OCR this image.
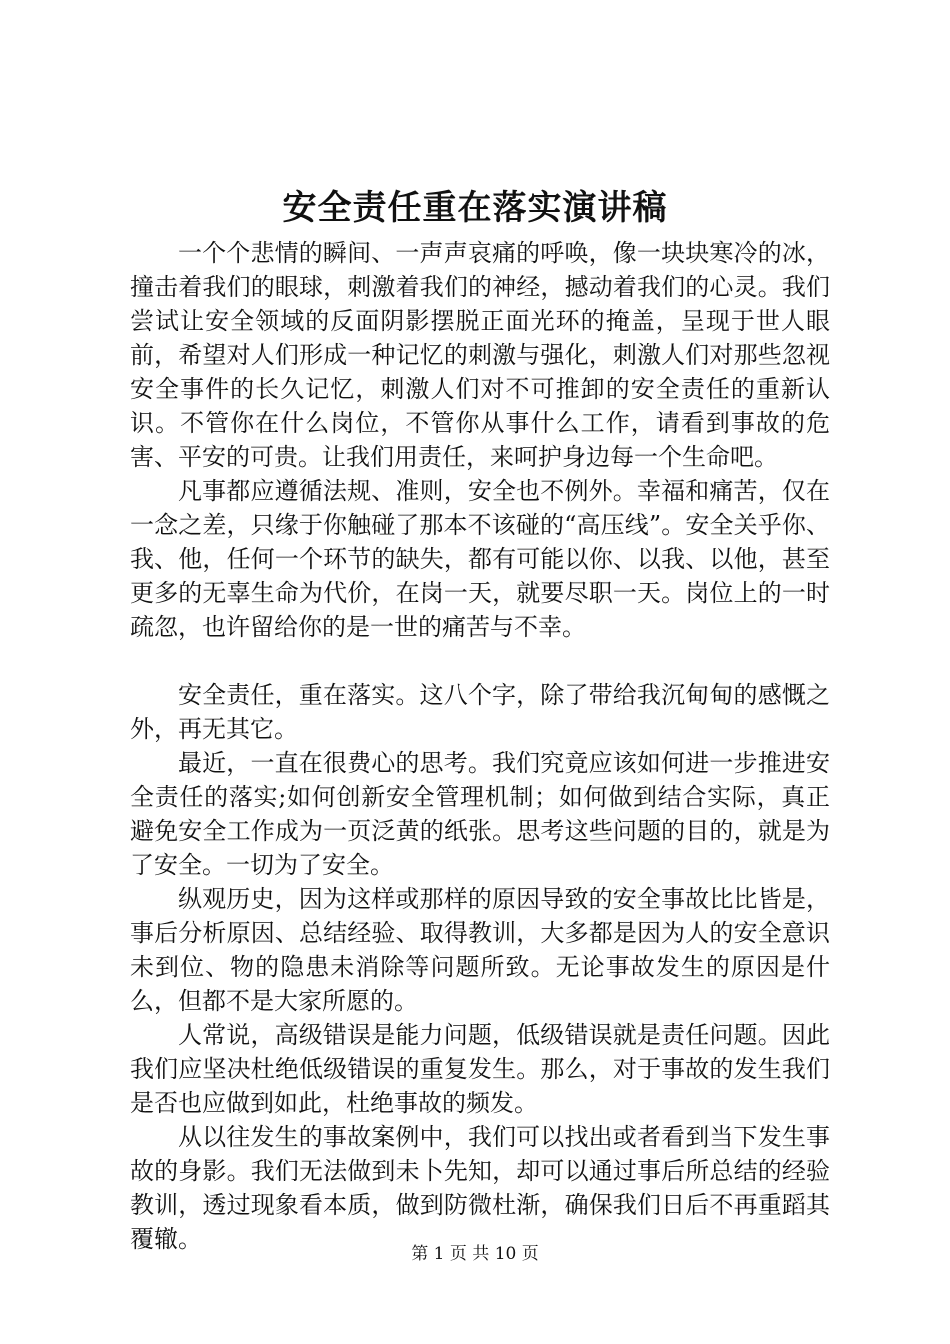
安全责任重在落实演讲稿

一个个悲情的瞬间、一声声哀痛的呼唤，像一块块寒冷的冰，撞击着我们的眼球，刺激着我们的神经，撼动着我们的心灵。我们尝试让安全领域的反面阴影摆脱正面光环的掩盖，呈现于世人眼前，希望对人们形成一种记忆的刺激与强化，刺激人们对那些忽视安全事件的长久记忆，刺激人们对不可推卸的安全责任的重新认识。不管你在什么岗位，不管你从事什么工作，请看到事故的危害、平安的可贵。让我们用责任，来呵护身边每一个生命吧。

凡事都应遵循法规、准则，安全也不例外。幸福和痛苦，仅在一念之差，只缘于你触碰了那本不该碰的“高压线”。安全关乎你、我、他，任何一个环节的缺失，都有可能以你、以我、以他，甚至更多的无辜生命为代价，在岗一天，就要尽职一天。岗位上的一时疏忽，也许留给你的是一世的痛苦与不幸。

安全责任，重在落实。这八个字，除了带给我沉甸甸的感慨之外，再无其它。

最近，一直在很费心的思考。我们究竟应该如何进一步推进安全责任的落实;如何创新安全管理机制；如何做到结合实际，真正避免安全工作成为一页泛黄的纸张。思考这些问题的目的，就是为了安全。一切为了安全。

纵观历史，因为这样或那样的原因导致的安全事故比比皆是，事后分析原因、总结经验、取得教训，大多都是因为人的安全意识未到位、物的隐患未消除等问题所致。无论事故发生的原因是什么，但都不是大家所愿的。

人常说，高级错误是能力问题，低级错误就是责任问题。因此我们应坚决杜绝低级错误的重复发生。那么，对于事故的发生我们是否也应做到如此，杜绝事故的频发。

从以往发生的事故案例中，我们可以找出或者看到当下发生事故的身影。我们无法做到未卜先知，却可以通过事后所总结的经验教训，透过现象看本质，做到防微杜渐，确保我们日后不再重蹈其覆辙。

第 1 页 共 10 页
